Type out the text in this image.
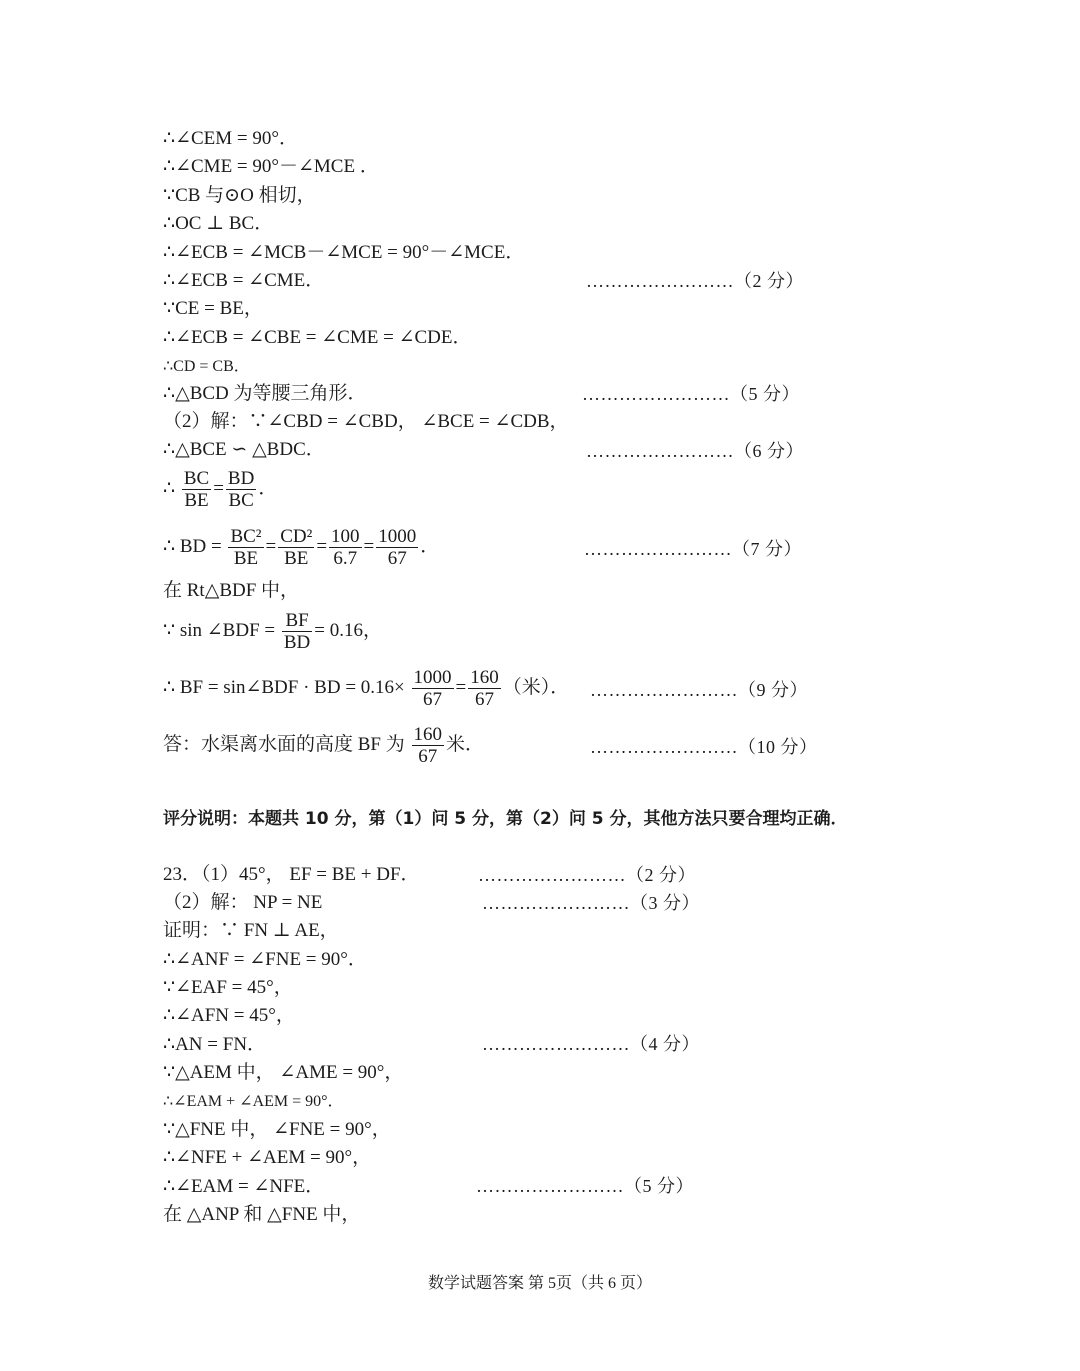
∴∠CEM = 90°．
∴∠CME = 90°－∠MCE ．
∵CB 与⊙O 相切，
∴OC ⊥ BC．
∴∠ECB = ∠MCB－∠MCE = 90°－∠MCE．
∴∠ECB = ∠CME．
∵CE = BE，
∴∠ECB = ∠CBE = ∠CME = ∠CDE．
∴CD = CB．
∴△BCD 为等腰三角形．
（2）解：∵∠CBD = ∠CBD， ∠BCE = ∠CDB，
∴△BCE ∽ △BDC．
∴ $\frac{BC}{BE} = \frac{BD}{BC}$ ．
∴ BD = $\frac{\text{BC²}}{BE} = \frac{\text{CD²}}{BE} = \frac{100}{6.7} = \frac{1000}{67}$ ．
在 Rt△BDF 中，
∵ sin ∠BDF = $\frac{BF}{BD} = 0.16$，
∴ BF = sin∠BDF · BD = $0.16\times \frac{1000}{67} = \frac{160}{67}$ （米）．
答：水渠离水面的高度 BF 为 $\frac{160}{67}$ 米．
评分说明：本题共 10 分，第（1）问 5 分，第（2）问 5 分，其他方法只要合理均正确．
23．（1）45°， EF = BE + DF．
（2）解： NP = NE
证明：∵ FN ⊥ AE，
∴∠ANF = ∠FNE = 90°．
∵∠EAF = 45°，
∴∠AFN = 45°，
∴AN = FN．
∵△AEM 中， ∠AME = 90°，
∴∠EAM + ∠AEM = 90°．
∵△FNE 中， ∠FNE = 90°，
∴∠NFE + ∠AEM = 90°，
∴∠EAM = ∠NFE．
在 △ANP 和 △FNE 中，
……………………（2 分）
……………………（5 分）
……………………（6 分）
……………………（7 分）
……………………（9 分）
……………………（10 分）
……………………（2 分）
……………………（3 分）
……………………（4 分）
……………………（5 分）
数学试题答案 第 5页（共 6 页）
